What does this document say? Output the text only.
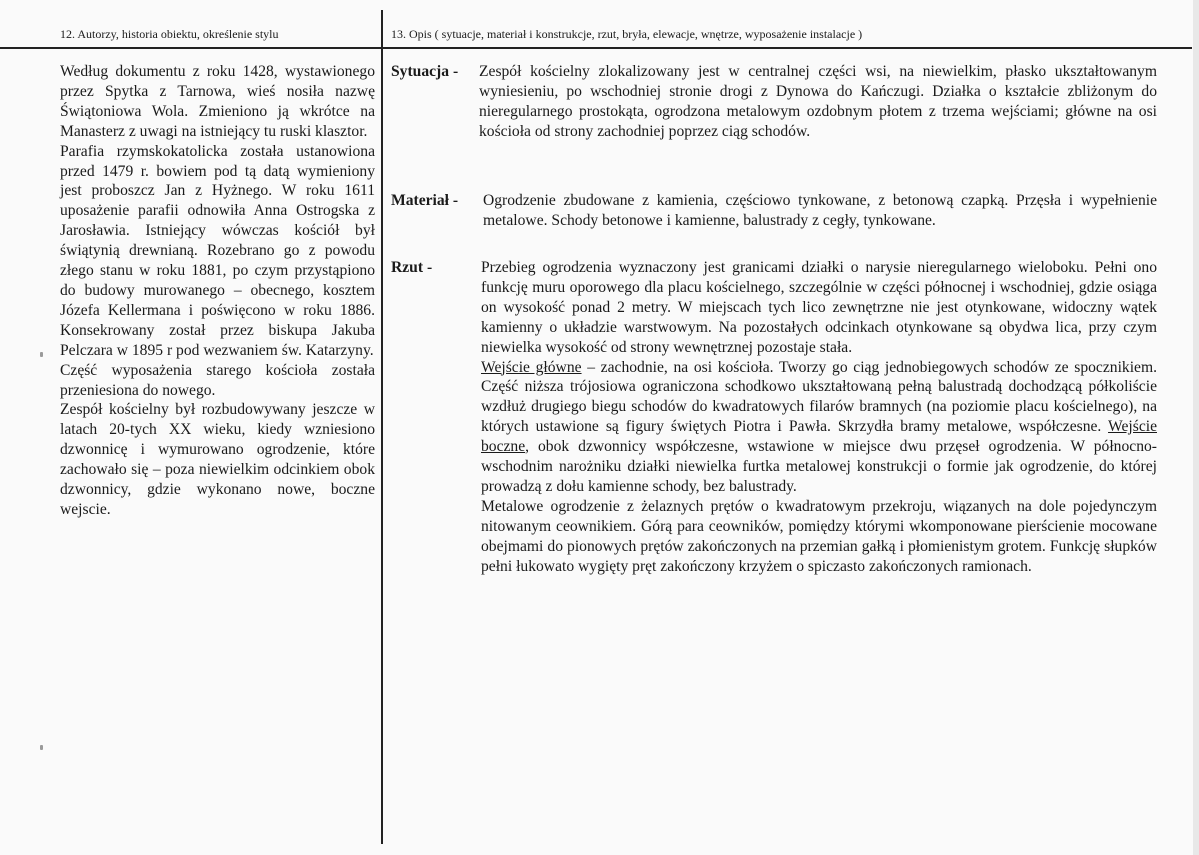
12. Autorzy, historia obiektu, określenie stylu	13. Opis ( sytuacje, materiał i konstrukcje, rzut, bryła, elewacje, wnętrze, wyposażenie instalacje )

Według dokumentu z roku 1428, wystawionego przez Spytka z Tarnowa, wieś nosiła nazwę Świątoniowa Wola. Zmieniono ją wkrótce na Manasterz z uwagi na istniejący tu ruski klasztor.

Parafia rzymskokatolicka została ustanowiona przed 1479 r. bowiem pod tą datą wymieniony jest proboszcz Jan z Hyżnego. W roku 1611 uposażenie parafii odnowiła Anna Ostrogska z Jarosławia. Istniejący wówczas kościół był świątynią drewnianą. Rozebrano go z powodu złego stanu w roku 1881, po czym przystąpiono do budowy murowanego – obecnego, kosztem Józefa Kellermana i poświęcono w roku 1886. Konsekrowany został przez biskupa Jakuba Pelczara w 1895 r pod wezwaniem św. Katarzyny.

Część wyposażenia starego kościoła została przeniesiona do nowego.

Zespół kościelny był rozbudowywany jeszcze w latach 20-tych XX wieku, kiedy wzniesiono dzwonnicę i wymurowano ogrodzenie, które zachowało się – poza niewielkim odcinkiem obok dzwonnicy, gdzie wykonano nowe, boczne wejscie.

Sytuacja - Zespół kościelny zlokalizowany jest w centralnej części wsi, na niewielkim, płasko ukształtowanym wyniesieniu, po wschodniej stronie drogi z Dynowa do Kańczugi. Działka o kształcie zbliżonym do nieregularnego prostokąta, ogrodzona metalowym ozdobnym płotem z trzema wejściami; główne na osi kościoła od strony zachodniej poprzez ciąg schodów.

Materiał - Ogrodzenie zbudowane z kamienia, częściowo tynkowane, z betonową czapką. Przęsła i wypełnienie metalowe. Schody betonowe i kamienne, balustrady z cegły, tynkowane.

Rzut -	Przebieg ogrodzenia wyznaczony jest granicami działki o narysie nieregularnego wieloboku. Pełni ono funkcję muru oporowego dla placu kościelnego, szczególnie w części północnej i wschodniej, gdzie osiąga on wysokość ponad 2 metry. W miejscach tych lico zewnętrzne nie jest otynkowane, widoczny wątek kamienny o układzie warstwowym. Na pozostałych odcinkach otynkowane są obydwa lica, przy czym niewielka wysokość od strony wewnętrznej pozostaje stała.

Wejście główne – zachodnie, na osi kościoła. Tworzy go ciąg jednobiegowych schodów ze spocznikiem. Część niższa trójosiowa ograniczona schodkowo ukształtowaną pełną balustradą dochodzącą półkoliście wzdłuż drugiego biegu schodów do kwadratowych filarów bramnych (na poziomie placu kościelnego), na których ustawione są figury świętych Piotra i Pawła. Skrzydła bramy metalowe, współczesne. Wejście boczne, obok dzwonnicy współczesne, wstawione w miejsce dwu przęseł ogrodzenia. W północno-wschodnim narożniku działki niewielka furtka metalowej konstrukcji o formie jak ogrodzenie, do której prowadzą z dołu kamienne schody, bez balustrady.

Metalowe ogrodzenie z żelaznych prętów o kwadratowym przekroju, wiązanych na dole pojedynczym nitowanym ceownikiem. Górą para ceowników, pomiędzy którymi wkomponowane pierścienie mocowane obejmami do pionowych prętów zakończonych na przemian gałką i płomienistym grotem. Funkcję słupków pełni łukowato wygięty pręt zakończony krzyżem o spiczasto zakończonych ramionach.
